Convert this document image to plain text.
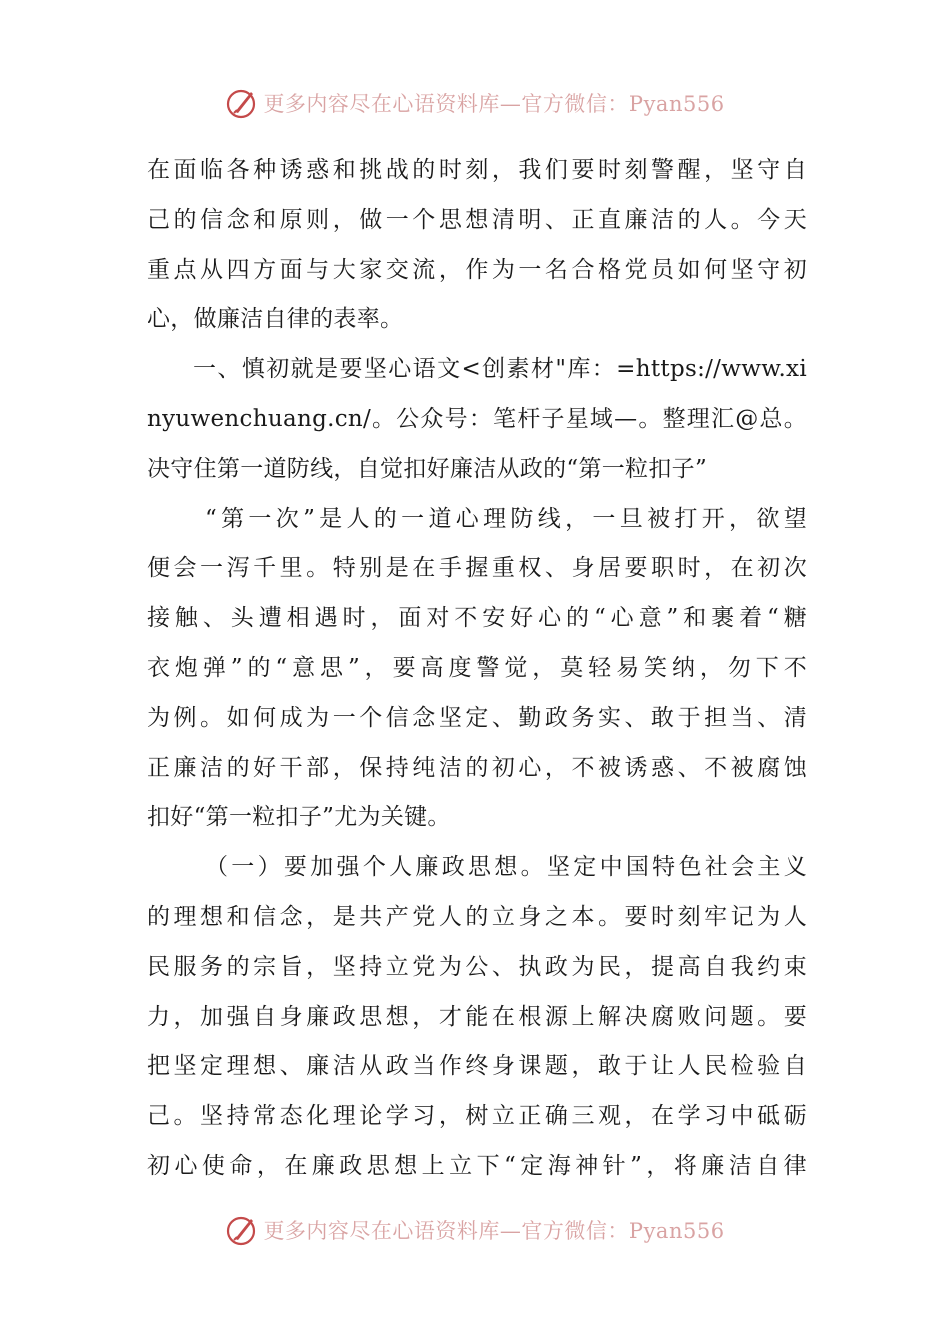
更多内容尽在心语资料库—官方微信：Pyan556
在面临各种诱惑和挑战的时刻，我们要时刻警醒，坚守自
己的信念和原则，做一个思想清明、正直廉洁的人。今天
重点从四方面与大家交流，作为一名合格党员如何坚守初
心，做廉洁自律的表率。
一、慎初就是要坚心语文<创素材"库：=https://www.xi
nyuwenchuang.cn/。公众号：笔杆子星域—。整理汇@总。
决守住第一道防线，自觉扣好廉洁从政的“第一粒扣子”
“第一次”是人的一道心理防线，一旦被打开，欲望
便会一泻千里。特别是在手握重权、身居要职时，在初次
接触、头遭相遇时，面对不安好心的“心意”和裹着“糖
衣炮弹”的“意思”，要高度警觉，莫轻易笑纳，勿下不
为例。如何成为一个信念坚定、勤政务实、敢于担当、清
正廉洁的好干部，保持纯洁的初心，不被诱惑、不被腐蚀
扣好“第一粒扣子”尤为关键。
（一）要加强个人廉政思想。坚定中国特色社会主义
的理想和信念，是共产党人的立身之本。要时刻牢记为人
民服务的宗旨，坚持立党为公、执政为民，提高自我约束
力，加强自身廉政思想，才能在根源上解决腐败问题。要
把坚定理想、廉洁从政当作终身课题，敢于让人民检验自
己。坚持常态化理论学习，树立正确三观，在学习中砥砺
初心使命，在廉政思想上立下“定海神针”，将廉洁自律
更多内容尽在心语资料库—官方微信：Pyan556
